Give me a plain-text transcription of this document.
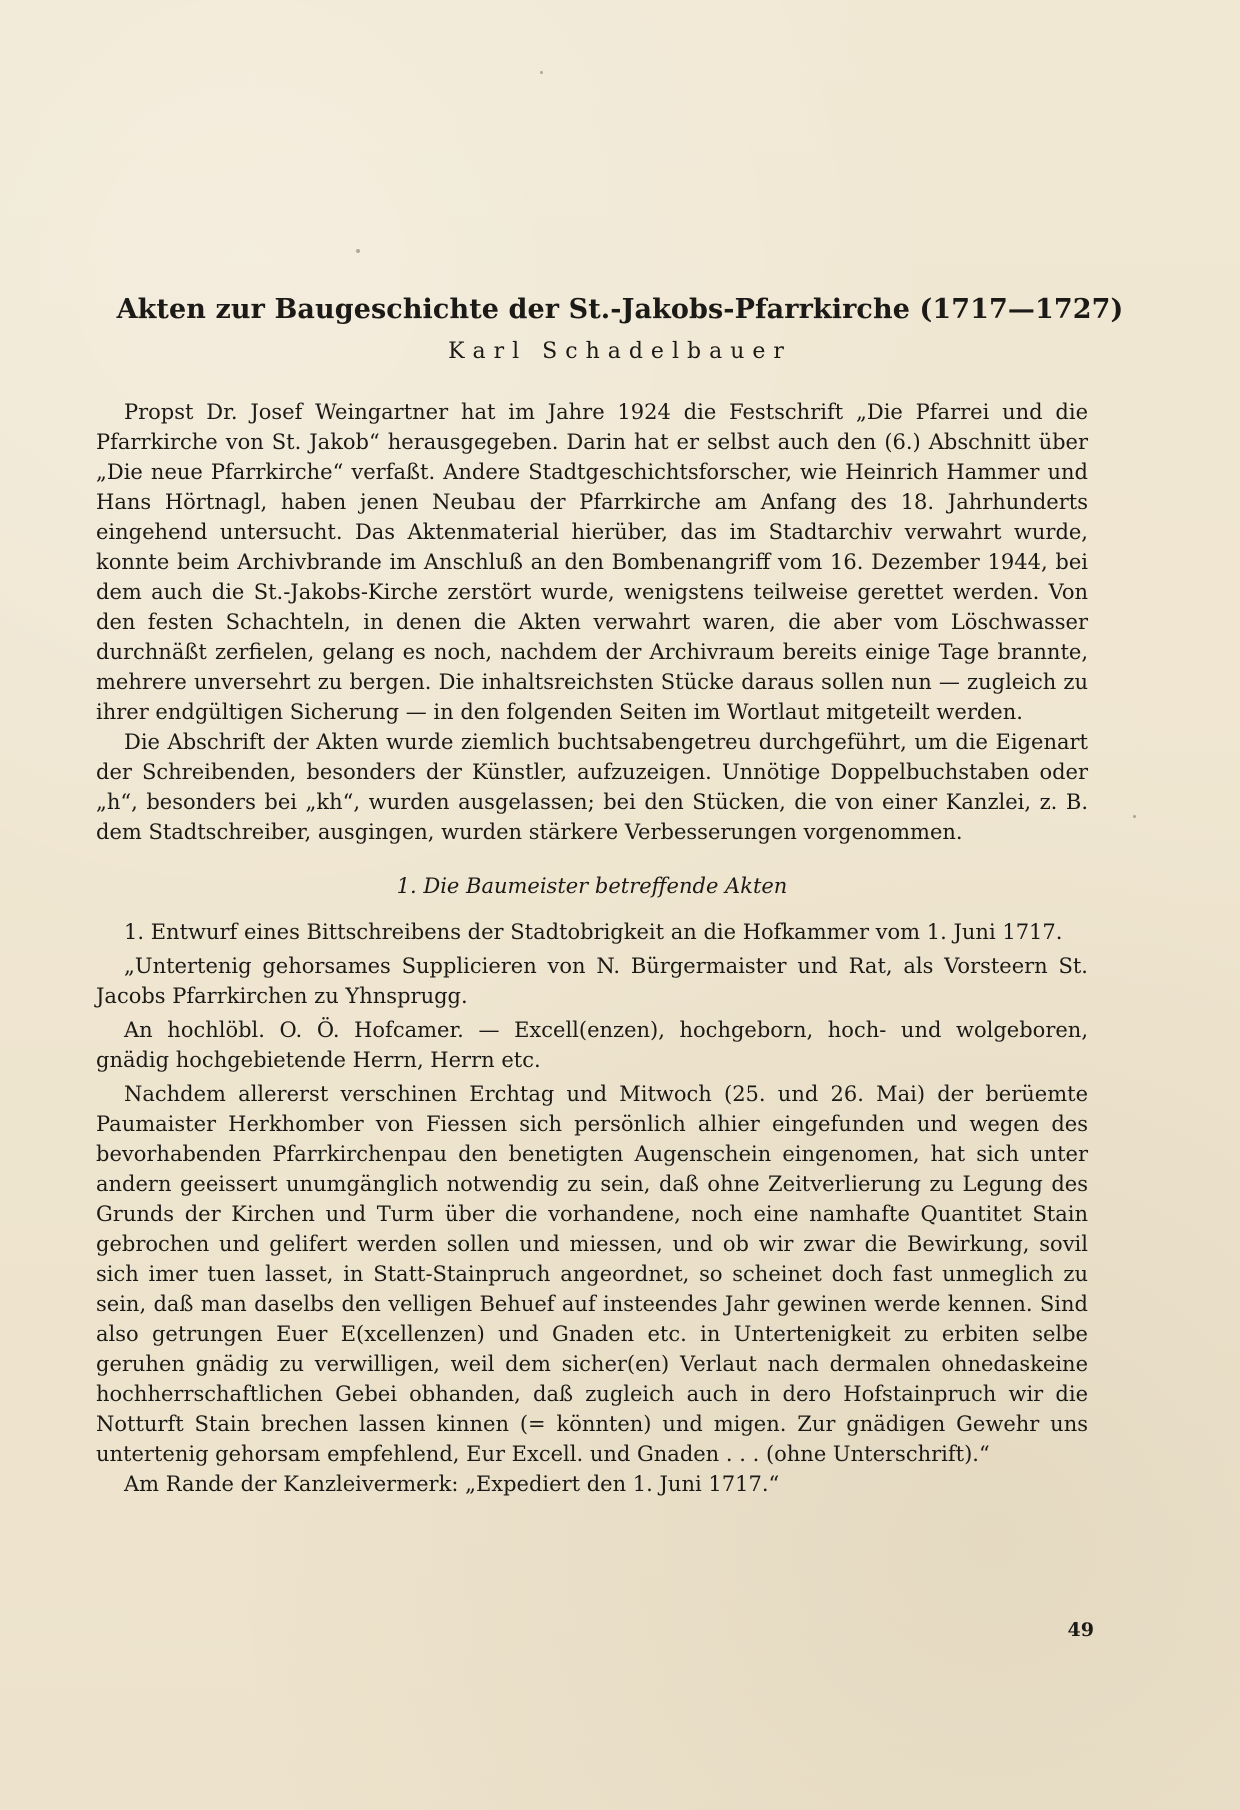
Akten zur Baugeschichte der St.-Jakobs-Pfarrkirche (1717—1727)
Karl Schadelbauer

Propst Dr. Josef Weingartner hat im Jahre 1924 die Festschrift „Die Pfarrei und die Pfarrkirche von St. Jakob“ herausgegeben. Darin hat er selbst auch den (6.) Abschnitt über „Die neue Pfarrkirche“ verfaßt. Andere Stadtgeschichtsforscher, wie Heinrich Hammer und Hans Hörtnagl, haben jenen Neubau der Pfarrkirche am Anfang des 18. Jahrhunderts eingehend untersucht. Das Aktenmaterial hierüber, das im Stadtarchiv verwahrt wurde, konnte beim Archivbrande im Anschluß an den Bombenangriff vom 16. Dezember 1944, bei dem auch die St.-Jakobs-Kirche zerstört wurde, wenigstens teilweise gerettet werden. Von den festen Schachteln, in denen die Akten verwahrt waren, die aber vom Löschwasser durchnäßt zerfielen, gelang es noch, nachdem der Archivraum bereits einige Tage brannte, mehrere unversehrt zu bergen. Die inhaltsreichsten Stücke daraus sollen nun — zugleich zu ihrer endgültigen Sicherung — in den folgenden Seiten im Wortlaut mitgeteilt werden.

Die Abschrift der Akten wurde ziemlich buchtsabengetreu durchgeführt, um die Eigenart der Schreibenden, besonders der Künstler, aufzuzeigen. Unnötige Doppelbuchstaben oder „h“, besonders bei „kh“, wurden ausgelassen; bei den Stücken, die von einer Kanzlei, z. B. dem Stadtschreiber, ausgingen, wurden stärkere Verbesserungen vorgenommen.

1. Die Baumeister betreffende Akten

1. Entwurf eines Bittschreibens der Stadtobrigkeit an die Hofkammer vom 1. Juni 1717.

„Untertenig gehorsames Supplicieren von N. Bürgermaister und Rat, als Vorsteern St. Jacobs Pfarrkirchen zu Yhnsprugg.

An hochlöbl. O. Ö. Hofcamer. — Excell(enzen), hochgeborn, hoch- und wolgeboren, gnädig hochgebietende Herrn, Herrn etc.

Nachdem allererst verschinen Erchtag und Mitwoch (25. und 26. Mai) der berüemte Paumaister Herkhomber von Fiessen sich persönlich alhier eingefunden und wegen des bevorhabenden Pfarrkirchenpau den benetigten Augenschein eingenomen, hat sich unter andern geeissert unumgänglich notwendig zu sein, daß ohne Zeitverlierung zu Legung des Grunds der Kirchen und Turm über die vorhandene, noch eine namhafte Quantitet Stain gebrochen und gelifert werden sollen und miessen, und ob wir zwar die Bewirkung, sovil sich imer tuen lasset, in Statt-Stainpruch angeordnet, so scheinet doch fast unmeglich zu sein, daß man daselbs den velligen Behuef auf insteendes Jahr gewinen werde kennen. Sind also getrungen Euer E(xcellenzen) und Gnaden etc. in Untertenigkeit zu erbiten selbe geruhen gnädig zu verwilligen, weil dem sicher(en) Verlaut nach dermalen ohnedaskeine hochherrschaftlichen Gebei obhanden, daß zugleich auch in dero Hofstainpruch wir die Notturft Stain brechen lassen kinnen (= könnten) und migen. Zur gnädigen Gewehr uns untertenig gehorsam empfehlend, Eur Excell. und Gnaden . . . (ohne Unterschrift).“

Am Rande der Kanzleivermerk: „Expediert den 1. Juni 1717.“

49
